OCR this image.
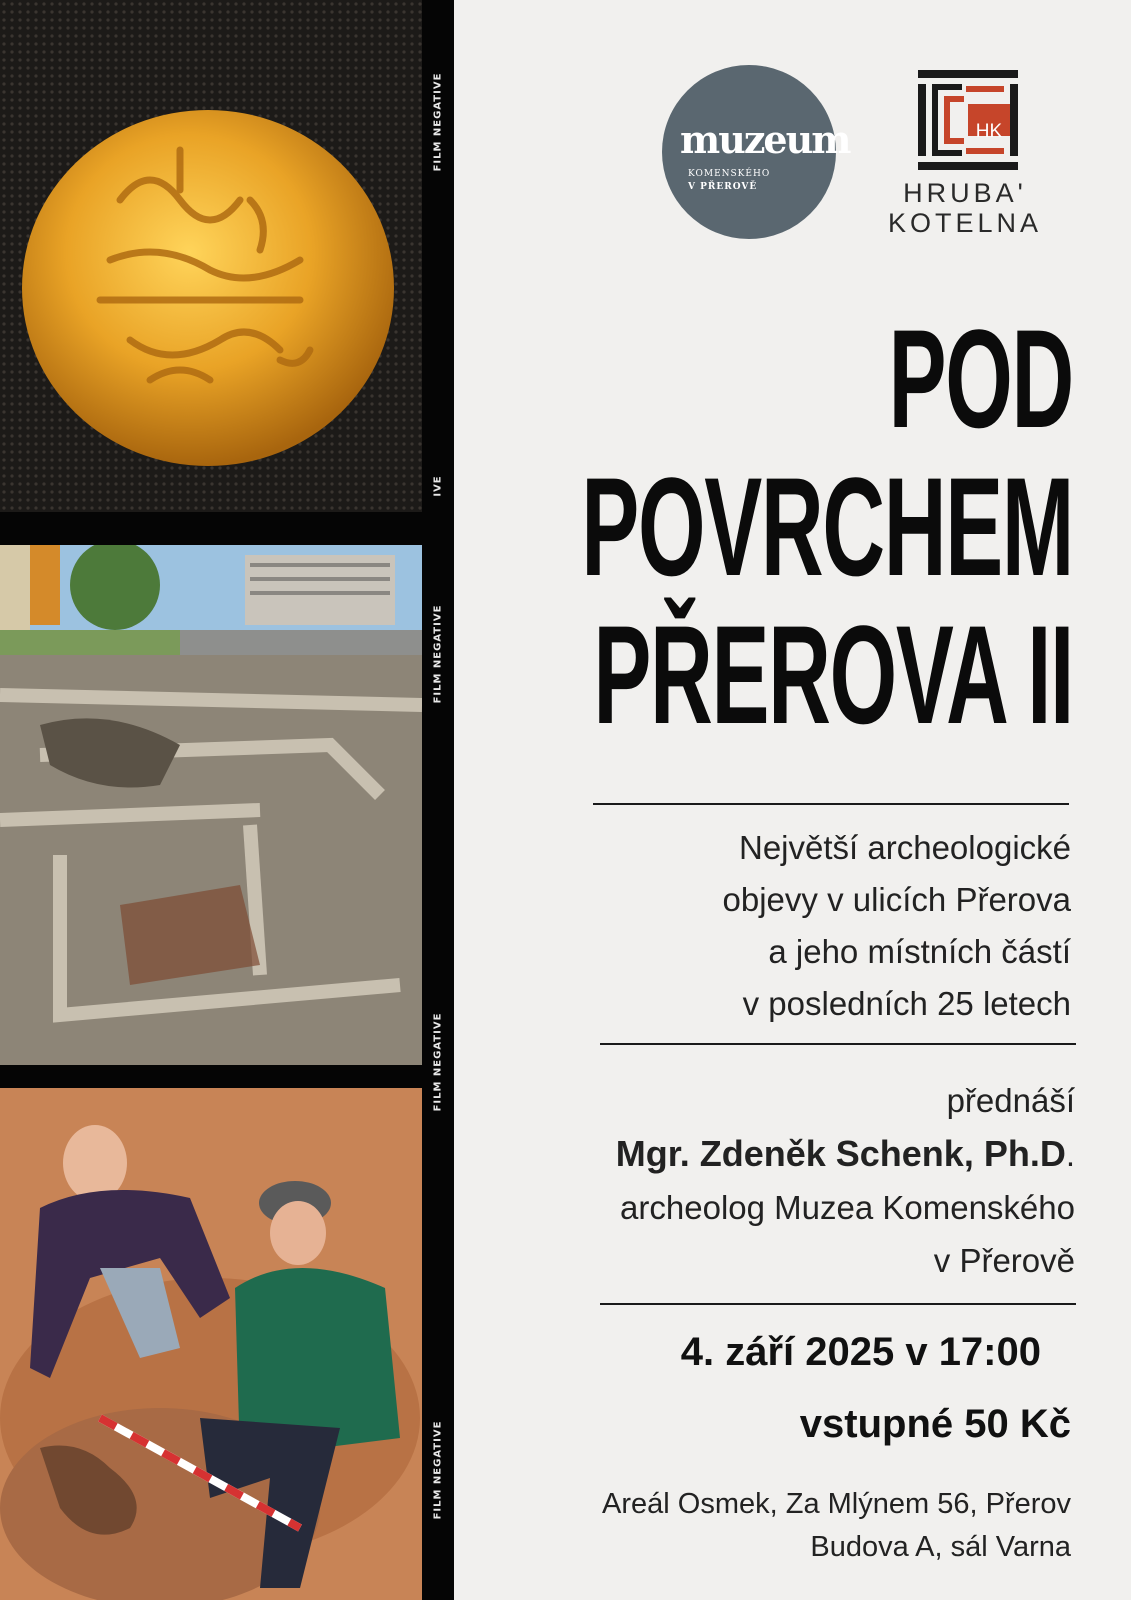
FILM NEGATIVE
IVE
FILM NEGATIVE
FILM NEGATIVE
FILM NEGATIVE
muzeum
KOMENSKÉHO
V PŘEROVĚ
HK
HRUBA'
KOTELNA
POD
POVRCHEM
PŘEROVA II
Největší archeologické
objevy v ulicích Přerova
a jeho místních částí
v posledních 25 letech
přednáší
Mgr. Zdeněk Schenk, Ph.D.
archeolog Muzea Komenského
v Přerově
4. září 2025 v 17:00
vstupné 50 Kč
Areál Osmek, Za Mlýnem 56, Přerov
Budova A, sál Varna
